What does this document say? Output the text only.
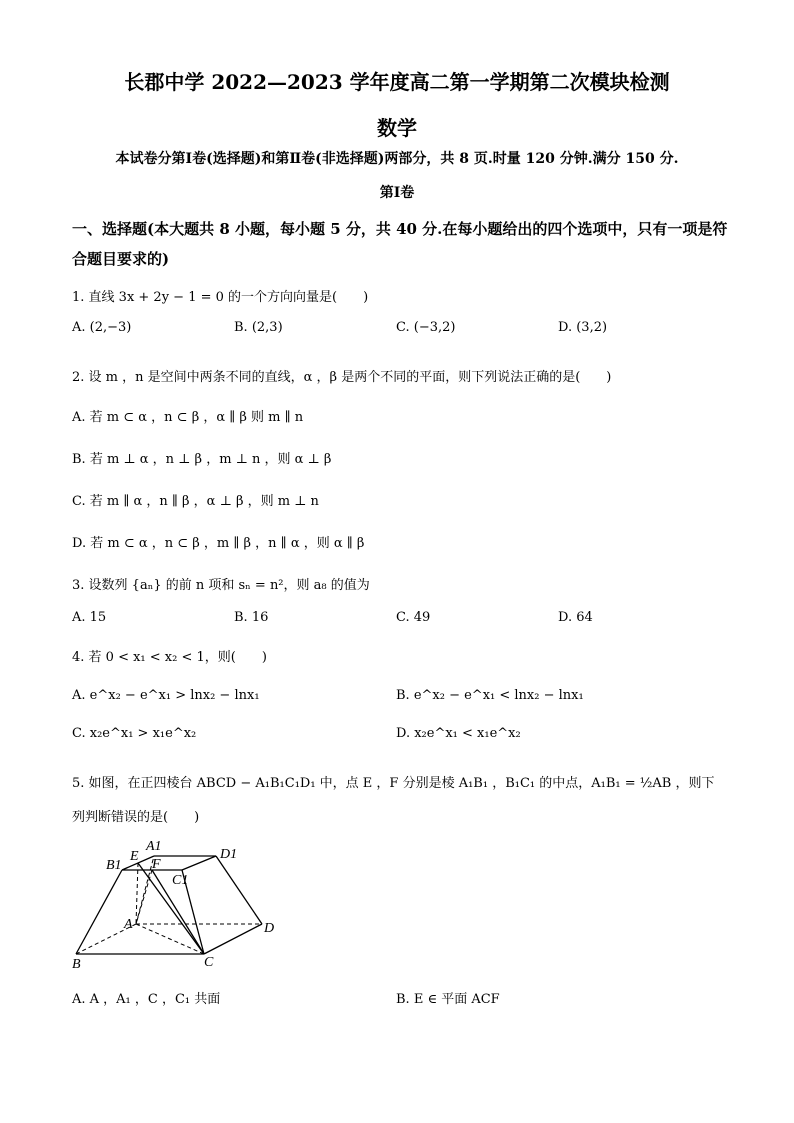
长郡中学 2022—2023 学年度高二第一学期第二次模块检测
数学
本试卷分第Ⅰ卷(选择题)和第Ⅱ卷(非选择题)两部分，共 8 页.时量 120 分钟.满分 150 分.
第Ⅰ卷
一、选择题(本大题共 8 小题，每小题 5 分，共 40 分.在每小题给出的四个选项中，只有一项是符合题目要求的)
1. 直线 3x + 2y − 1 = 0 的一个方向向量是(　　)
A. (2,−3)	B. (2,3)	C. (−3,2)	D. (3,2)
2. 设 m ，n 是空间中两条不同的直线，α ，β 是两个不同的平面，则下列说法正确的是(　　)
A. 若 m ⊂ α ，n ⊂ β ，α ∥ β 则 m ∥ n
B. 若 m ⊥ α ，n ⊥ β ，m ⊥ n ，则 α ⊥ β
C. 若 m ∥ α ，n ∥ β ，α ⊥ β ，则 m ⊥ n
D. 若 m ⊂ α ，n ⊂ β ，m ∥ β ，n ∥ α ，则 α ∥ β
3. 设数列 {aₙ} 的前 n 项和 sₙ = n²，则 a₈ 的值为
A. 15	B. 16	C. 49	D. 64
4. 若 0 < x₁ < x₂ < 1，则(　　)
A. e^x₂ − e^x₁ > lnx₂ − lnx₁	B. e^x₂ − e^x₁ < lnx₂ − lnx₁
C. x₂e^x₁ > x₁e^x₂	D. x₂e^x₁ < x₁e^x₂
5. 如图，在正四棱台 ABCD − A₁B₁C₁D₁ 中，点 E ，F 分别是棱 A₁B₁ ，B₁C₁ 的中点，A₁B₁ = ½AB ，则下
列判断错误的是(　　)
B1
E
A1
F
D1
C1
A	D
B	C
A. A ，A₁ ，C ，C₁ 共面	B. E ∈ 平面 ACF
